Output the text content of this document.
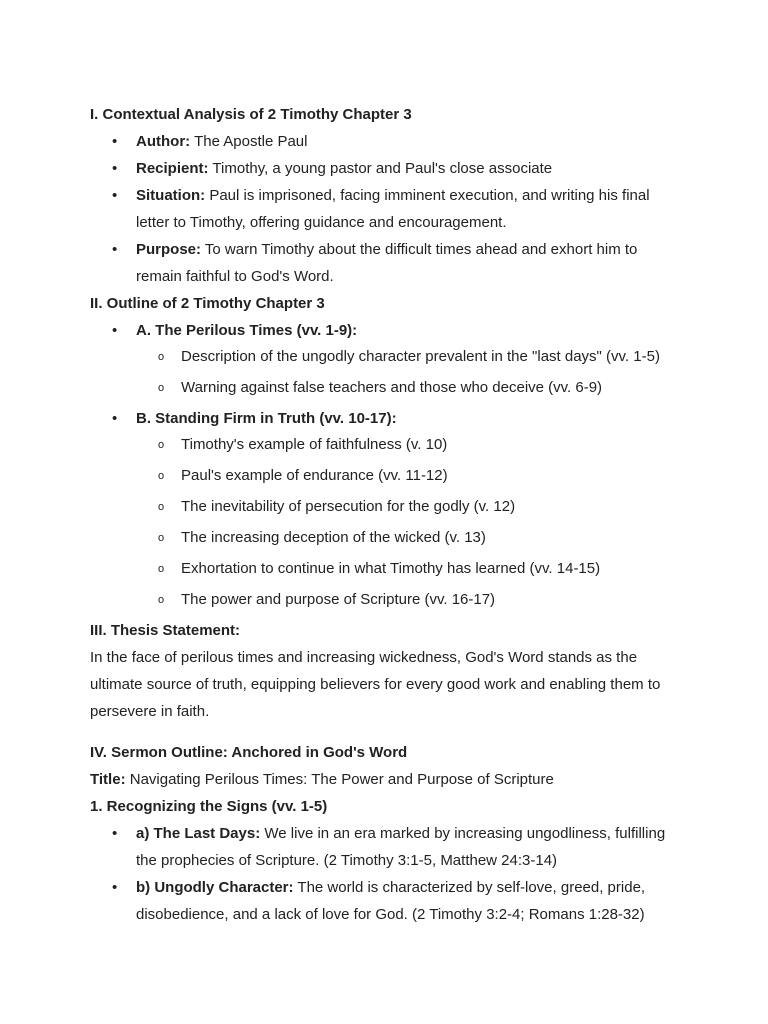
I. Contextual Analysis of 2 Timothy Chapter 3
• Author: The Apostle Paul
• Recipient: Timothy, a young pastor and Paul's close associate
• Situation: Paul is imprisoned, facing imminent execution, and writing his final
letter to Timothy, offering guidance and encouragement.
• Purpose: To warn Timothy about the difficult times ahead and exhort him to
remain faithful to God's Word.
II. Outline of 2 Timothy Chapter 3
• A. The Perilous Times (vv. 1-9):
o Description of the ungodly character prevalent in the "last days" (vv. 1-5)
o Warning against false teachers and those who deceive (vv. 6-9)
• B. Standing Firm in Truth (vv. 10-17):
o Timothy's example of faithfulness (v. 10)
o Paul's example of endurance (vv. 11-12)
o The inevitability of persecution for the godly (v. 12)
o The increasing deception of the wicked (v. 13)
o Exhortation to continue in what Timothy has learned (vv. 14-15)
o The power and purpose of Scripture (vv. 16-17)
III. Thesis Statement:
In the face of perilous times and increasing wickedness, God's Word stands as the
ultimate source of truth, equipping believers for every good work and enabling them to
persevere in faith.
IV. Sermon Outline: Anchored in God's Word
Title: Navigating Perilous Times: The Power and Purpose of Scripture
1. Recognizing the Signs (vv. 1-5)
• a) The Last Days: We live in an era marked by increasing ungodliness, fulfilling
the prophecies of Scripture. (2 Timothy 3:1-5, Matthew 24:3-14)
• b) Ungodly Character: The world is characterized by self-love, greed, pride,
disobedience, and a lack of love for God. (2 Timothy 3:2-4; Romans 1:28-32)
